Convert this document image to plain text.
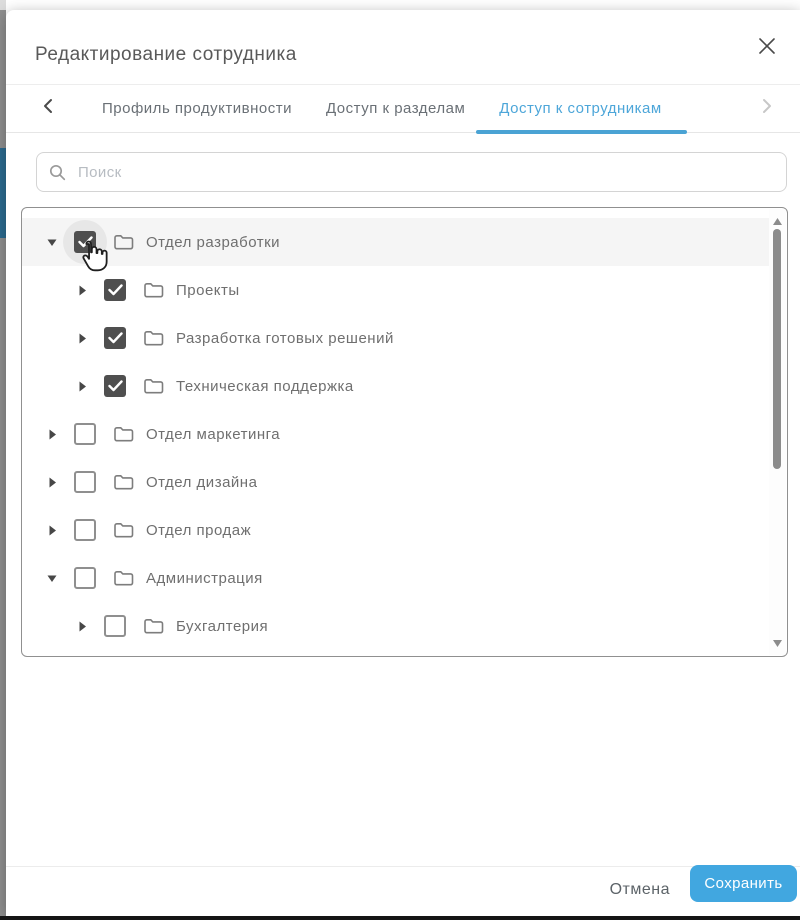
Редактирование сотрудника
Профиль продуктивности Доступ к разделам Доступ к сотрудникам
Поиск
Отдел разработки
Проекты
Разработка готовых решений
Техническая поддержка
Отдел маркетинга
Отдел дизайна
Отдел продаж
Администрация
Бухгалтерия
Отмена	Сохранить
